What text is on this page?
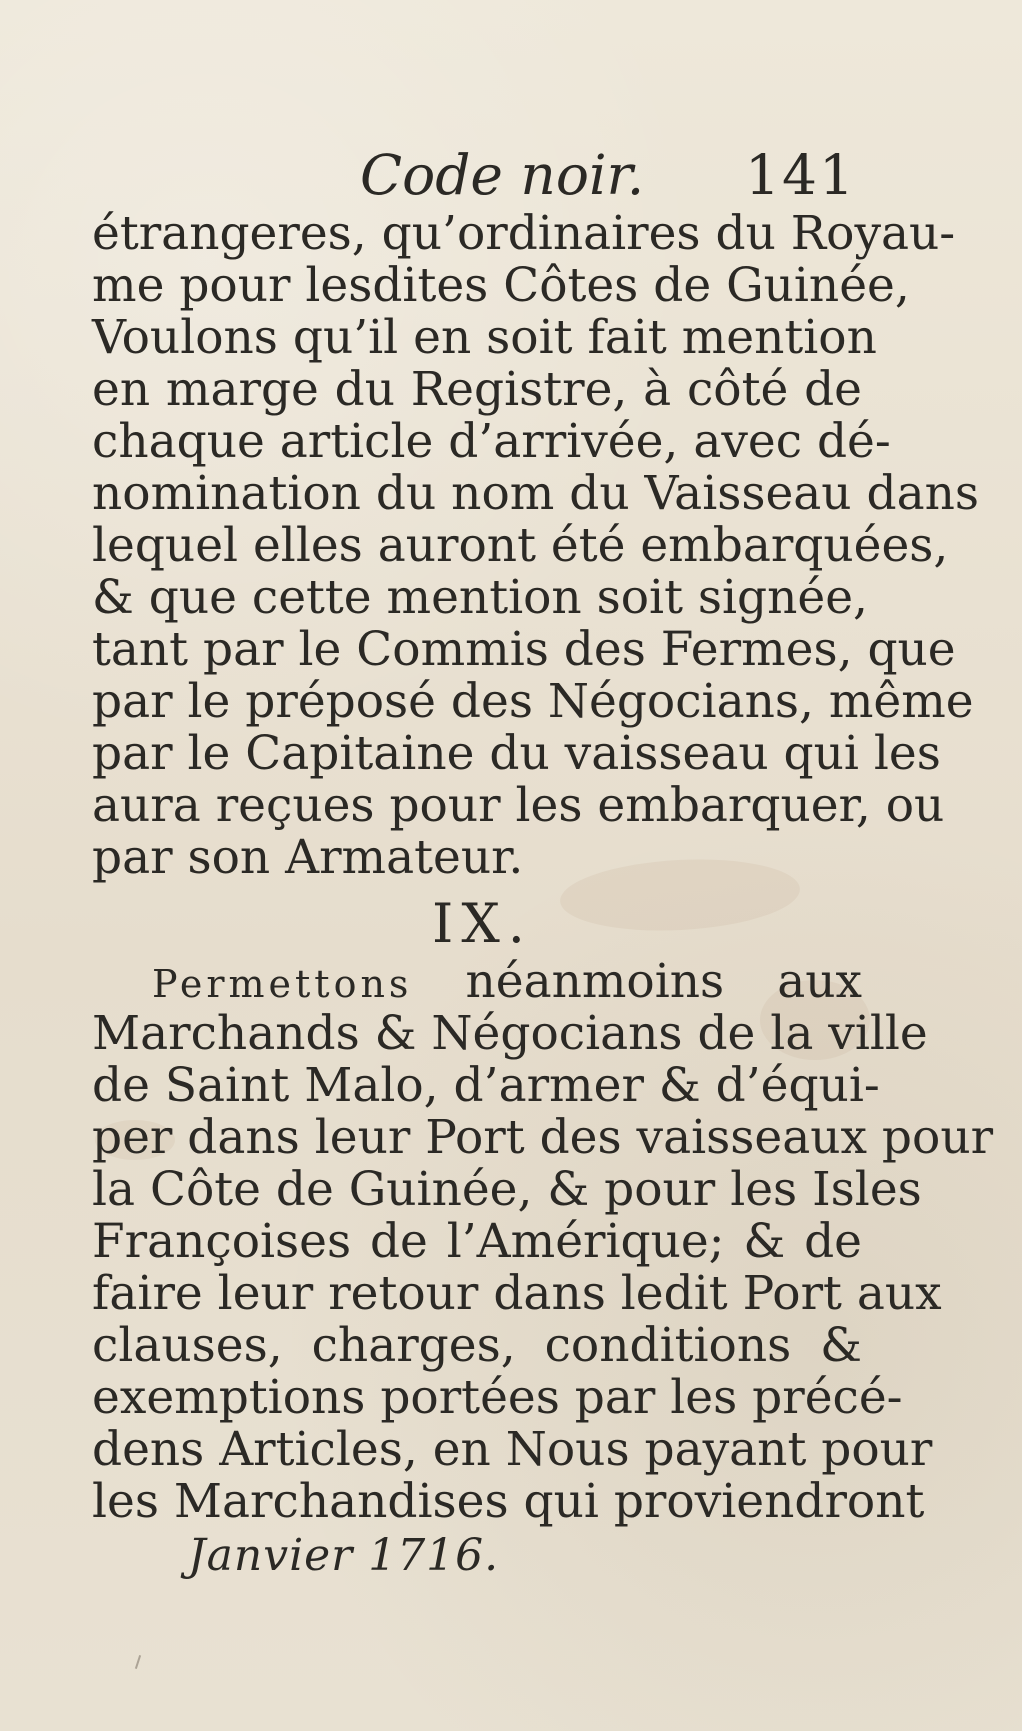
Code noir. 141
étrangeres, qu’ordinaires du Royau-
me pour lesdites Côtes de Guinée,
Voulons qu’il en soit fait mention
en marge du Registre, à côté de
chaque article d’arrivée, avec dé-
nomination du nom du Vaisseau dans
lequel elles auront été embarquées,
& que cette mention soit signée,
tant par le Commis des Fermes, que
par le préposé des Négocians, même
par le Capitaine du vaisseau qui les
aura reçues pour les embarquer, ou
par son Armateur.
IX.
Permettons néanmoins aux
Marchands & Négocians de la ville
de Saint Malo, d’armer & d’équi-
per dans leur Port des vaisseaux pour
la Côte de Guinée, & pour les Isles
Françoises de l’Amérique; & de
faire leur retour dans ledit Port aux
clauses, charges, conditions &
exemptions portées par les précé-
dens Articles, en Nous payant pour
les Marchandises qui proviendront
Janvier 1716.
